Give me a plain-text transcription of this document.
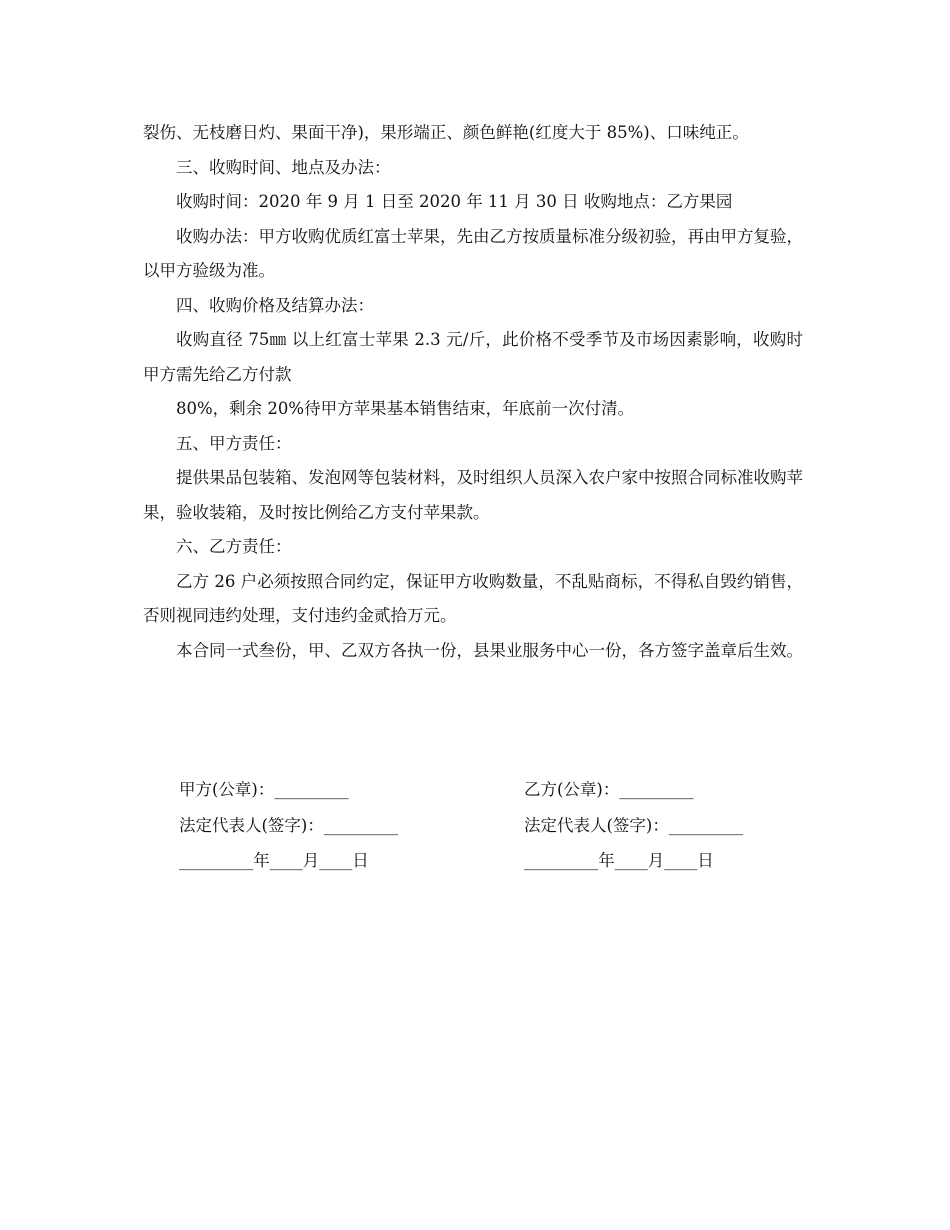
裂伤、无枝磨日灼、果面干净)，果形端正、颜色鲜艳(红度大于 85%)、口味纯正。

三、收购时间、地点及办法：

收购时间：2020 年 9 月 1 日至 2020 年 11 月 30 日 收购地点：乙方果园

收购办法：甲方收购优质红富士苹果，先由乙方按质量标准分级初验，再由甲方复验，以甲方验级为准。

四、收购价格及结算办法：

收购直径 75㎜ 以上红富士苹果 2.3 元/斤，此价格不受季节及市场因素影响，收购时甲方需先给乙方付款

80%，剩余 20%待甲方苹果基本销售结束，年底前一次付清。

五、甲方责任：

提供果品包装箱、发泡网等包装材料，及时组织人员深入农户家中按照合同标准收购苹果，验收装箱，及时按比例给乙方支付苹果款。

六、乙方责任：

乙方 26 户必须按照合同约定，保证甲方收购数量，不乱贴商标，不得私自毁约销售，否则视同违约处理，支付违约金贰拾万元。

本合同一式叁份，甲、乙双方各执一份，县果业服务中心一份，各方签字盖章后生效。

甲方(公章)：_________	乙方(公章)：_________
法定代表人(签字)：_________	法定代表人(签字)：_________
_________年____月____日	_________年____月____日
